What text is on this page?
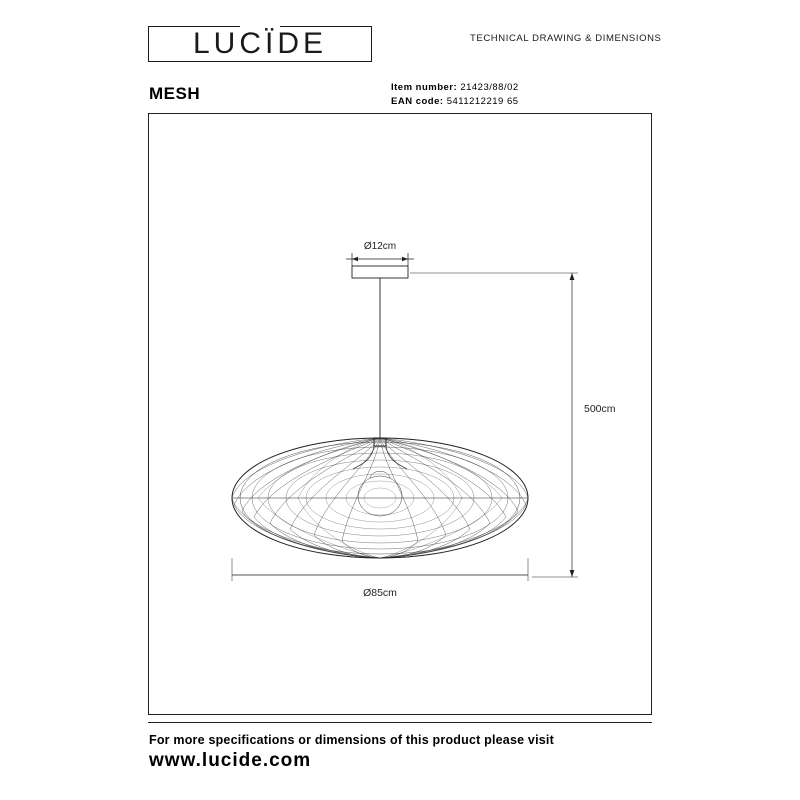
LUCÏDE	TECHNICAL DRAWING & DIMENSIONS
MESH	Item number: 21423/88/02
EAN code: 5411212219 65
Ø12cm
500cm
Ø85cm
For more specifications or dimensions of this product please visit
www.lucide.com
